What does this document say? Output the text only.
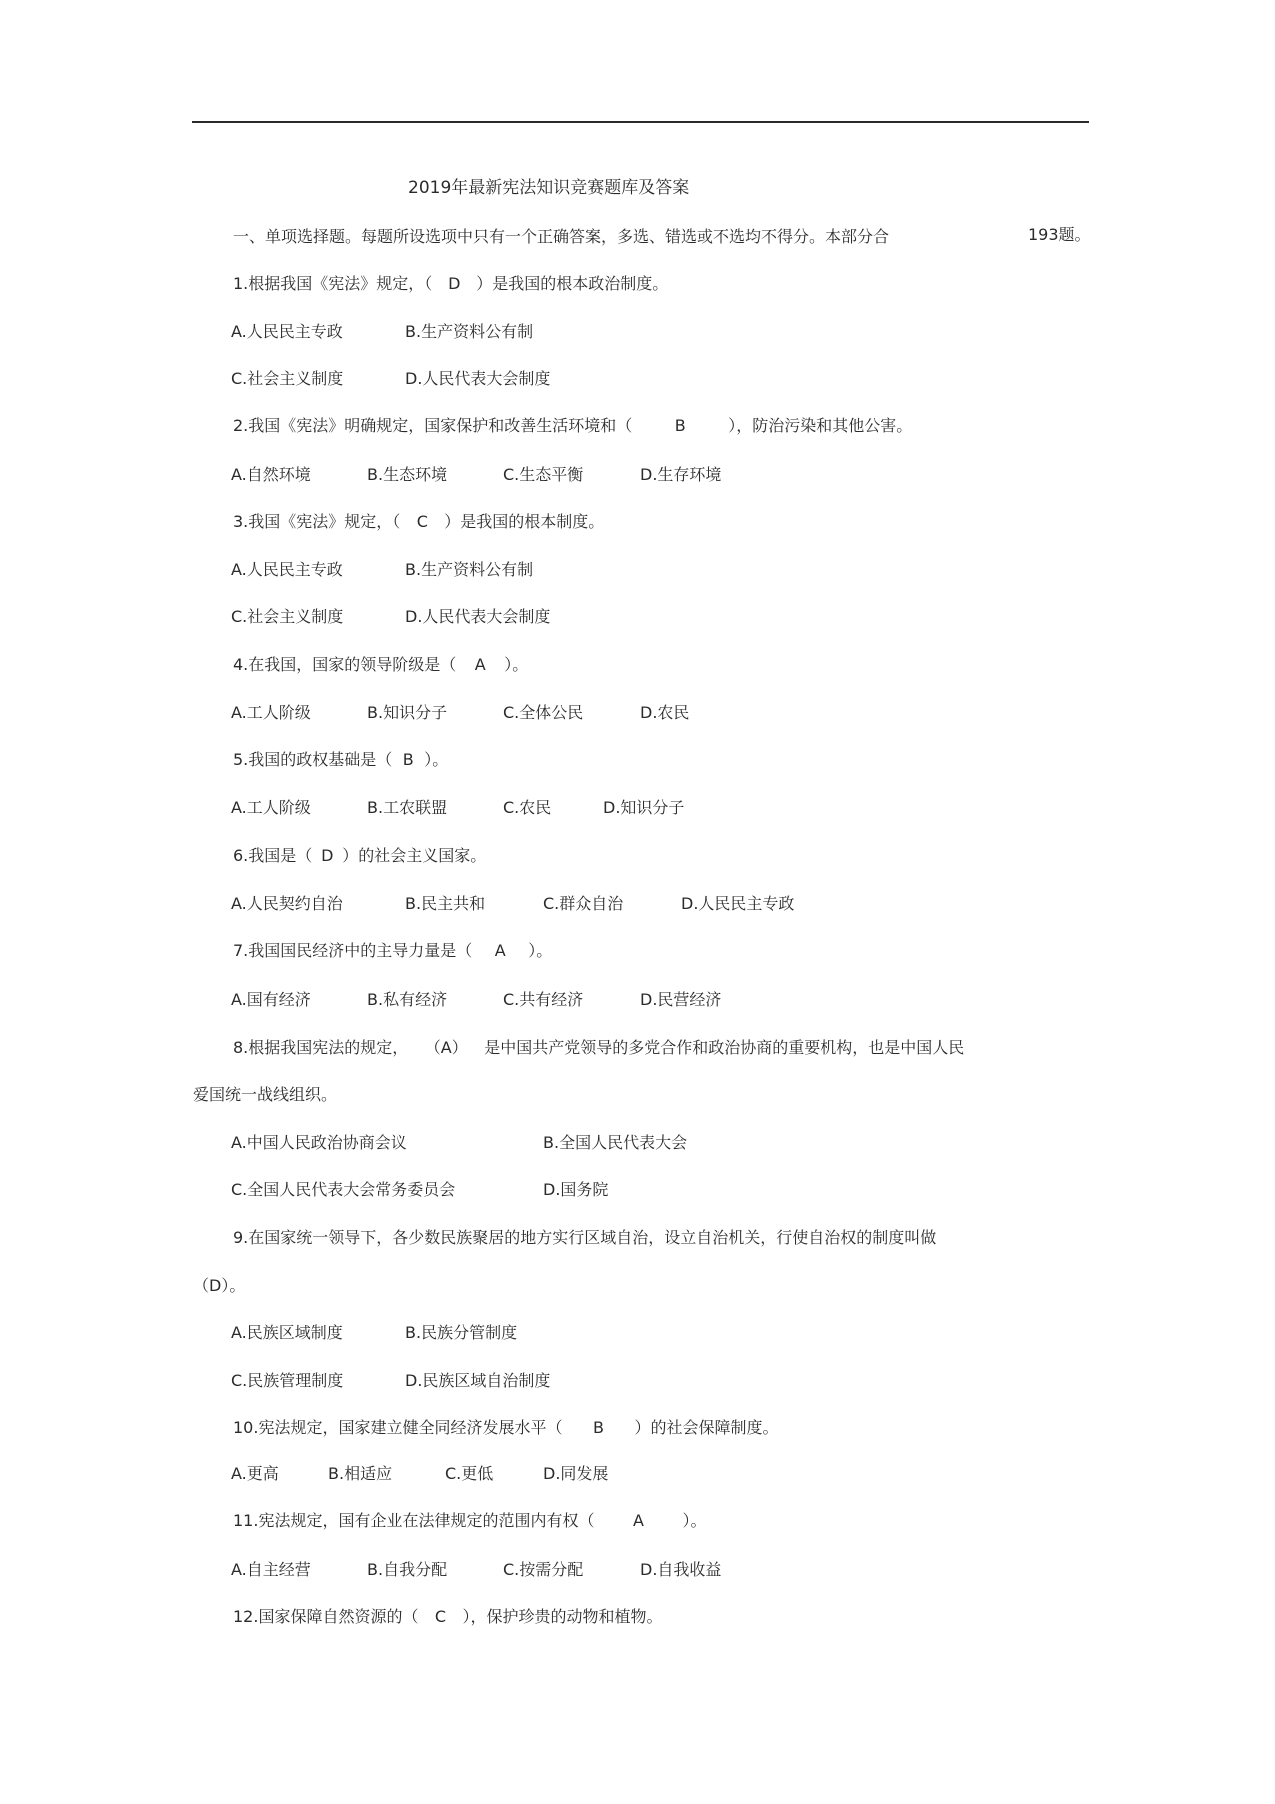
2019年最新宪法知识竞赛题库及答案
一、单项选择题。每题所设选项中只有一个正确答案，多选、错选或不选均不得分。本部分合	193题。
1.根据我国《宪法》规定，（ D ）是我国的根本政治制度。
A.人民民主专政	B.生产资料公有制
C.社会主义制度	D.人民代表大会制度
2.我国《宪法》明确规定，国家保护和改善生活环境和（	B	），防治污染和其他公害。
A.自然环境	B.生态环境	C.生态平衡	D.生存环境
3.我国《宪法》规定，（ C ）是我国的根本制度。
A.人民民主专政	B.生产资料公有制
C.社会主义制度	D.人民代表大会制度
4.在我国，国家的领导阶级是（ A ）。
A.工人阶级	B.知识分子	C.全体公民	D.农民
5.我国的政权基础是（ B ）。
A.工人阶级	B.工农联盟	C.农民	D.知识分子
6.我国是（ D ）的社会主义国家。
A.人民契约自治	B.民主共和	C.群众自治	D.人民民主专政
7.我国国民经济中的主导力量是（ A ）。
A.国有经济	B.私有经济	C.共有经济	D.民营经济
8.根据我国宪法的规定， （A） 是中国共产党领导的多党合作和政治协商的重要机构，也是中国人民
爱国统一战线组织。
A.中国人民政治协商会议	B.全国人民代表大会
C.全国人民代表大会常务委员会	D.国务院
9.在国家统一领导下，各少数民族聚居的地方实行区域自治，设立自治机关，行使自治权的制度叫做
（D）。
A.民族区域制度	B.民族分管制度
C.民族管理制度	D.民族区域自治制度
10.宪法规定，国家建立健全同经济发展水平（ B ）的社会保障制度。
A.更高	B.相适应	C.更低	D.同发展
11.宪法规定，国有企业在法律规定的范围内有权（ A ）。
A.自主经营	B.自我分配	C.按需分配	D.自我收益
12.国家保障自然资源的（ C ），保护珍贵的动物和植物。
